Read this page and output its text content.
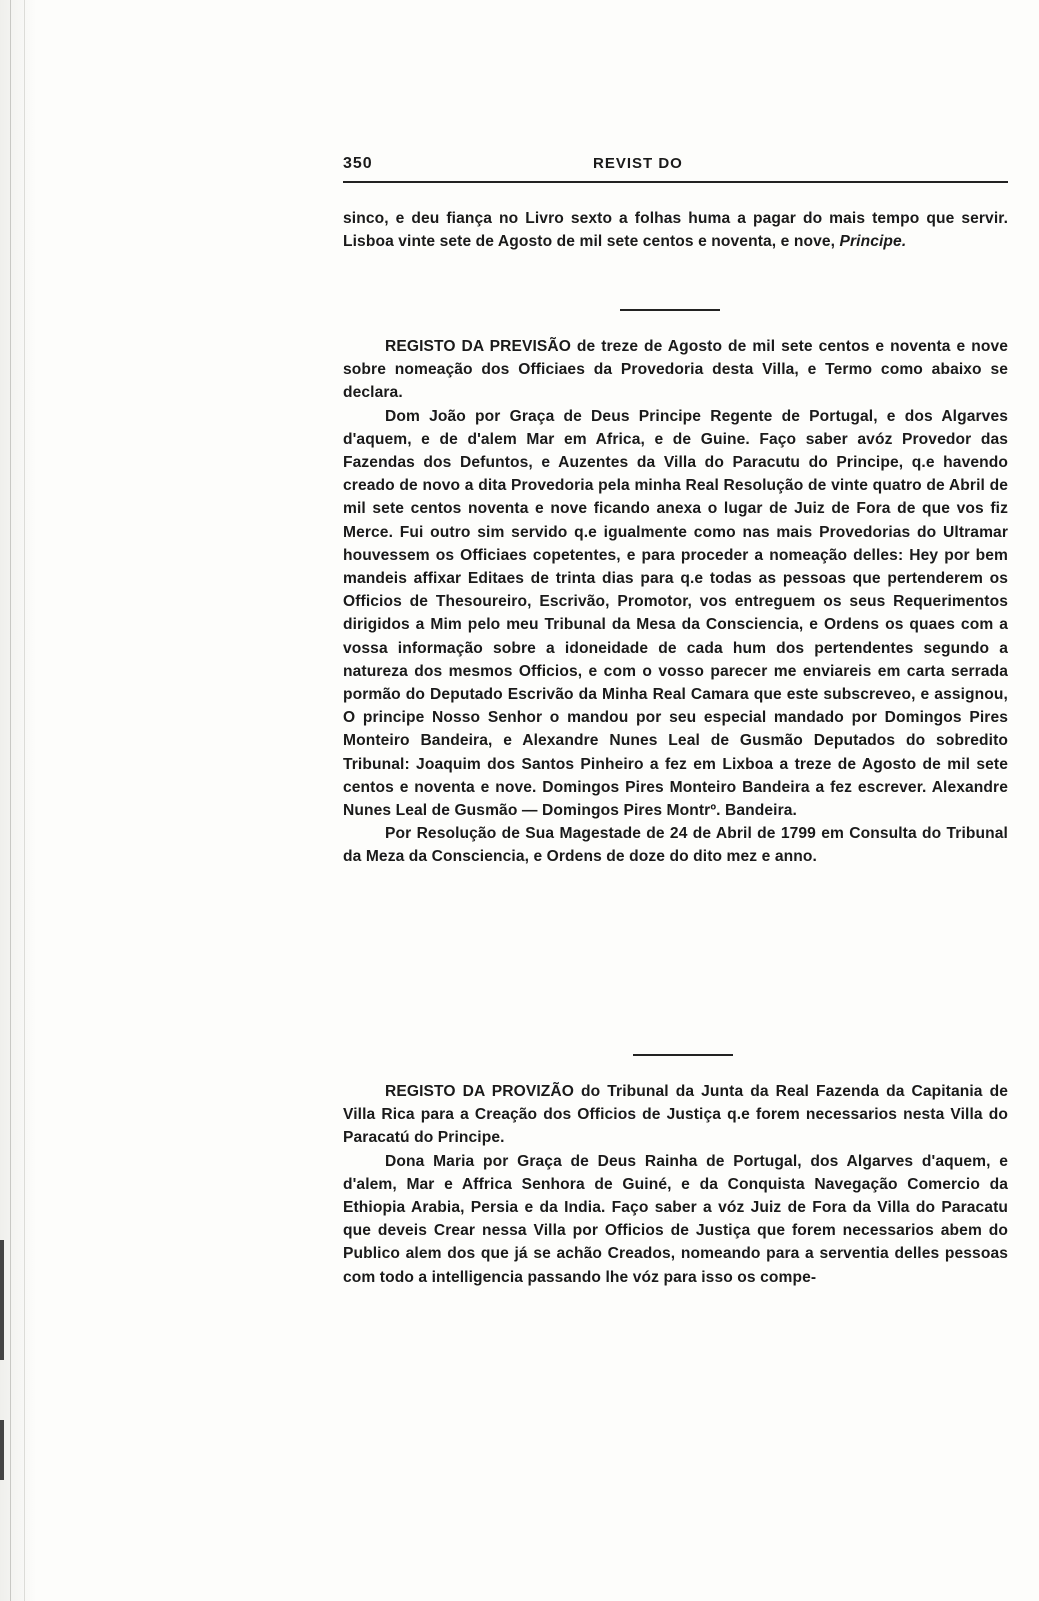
350	REVIST DO

sinco, e deu fiança no Livro sexto a folhas huma a pagar do mais tempo que servir. Lisboa vinte sete de Agosto de mil sete centos e noventa, e nove, Principe.

REGISTO DA PREVISÃO de treze de Agosto de mil sete centos e noventa e nove sobre nomeação dos Officiaes da Provedoria desta Villa, e Termo como abaixo se declara.

Dom João por Graça de Deus Principe Regente de Portugal, e dos Algarves d'aquem, e de d'alem Mar em Africa, e de Guine. Faço saber avóz Provedor das Fazendas dos Defuntos, e Auzentes da Villa do Paracutu do Principe, q.e havendo creado de novo a dita Provedoria pela minha Real Resolução de vinte quatro de Abril de mil sete centos noventa e nove ficando anexa o lugar de Juiz de Fora de que vos fiz Merce. Fui outro sim servido q.e igualmente como nas mais Provedorias do Ultramar houvessem os Officiaes copetentes, e para proceder a nomeação delles: Hey por bem mandeis affixar Editaes de trinta dias para q.e todas as pessoas que pertenderem os Officios de Thesoureiro, Escrivão, Promotor, vos entreguem os seus Requerimentos dirigidos a Mim pelo meu Tribunal da Mesa da Consciencia, e Ordens os quaes com a vossa informação sobre a idoneidade de cada hum dos pertendentes segundo a natureza dos mesmos Officios, e com o vosso parecer me enviareis em carta serrada pormão do Deputado Escrivão da Minha Real Camara que este subscreveo, e assignou, O principe Nosso Senhor o mandou por seu especial mandado por Domingos Pires Monteiro Bandeira, e Alexandre Nunes Leal de Gusmão Deputados do sobredito Tribunal: Joaquim dos Santos Pinheiro a fez em Lixboa a treze de Agosto de mil sete centos e noventa e nove. Domingos Pires Monteiro Bandeira a fez escrever. Alexandre Nunes Leal de Gusmão — Domingos Pires Montrº. Bandeira.

Por Resolução de Sua Magestade de 24 de Abril de 1799 em Consulta do Tribunal da Meza da Consciencia, e Ordens de doze do dito mez e anno.

REGISTO DA PROVIZÃO do Tribunal da Junta da Real Fazenda da Capitania de Villa Rica para a Creação dos Officios de Justiça q.e forem necessarios nesta Villa do Paracatú do Principe.

Dona Maria por Graça de Deus Rainha de Portugal, dos Algarves d'aquem, e d'alem, Mar e Affrica Senhora de Guiné, e da Conquista Navegação Comercio da Ethiopia Arabia, Persia e da India. Faço saber a vóz Juiz de Fora da Villa do Paracatu que deveis Crear nessa Villa por Officios de Justiça que forem necessarios abem do Publico alem dos que já se achão Creados, nomeando para a serventia delles pessoas com todo a intelligencia passando lhe vóz para isso os compe-
